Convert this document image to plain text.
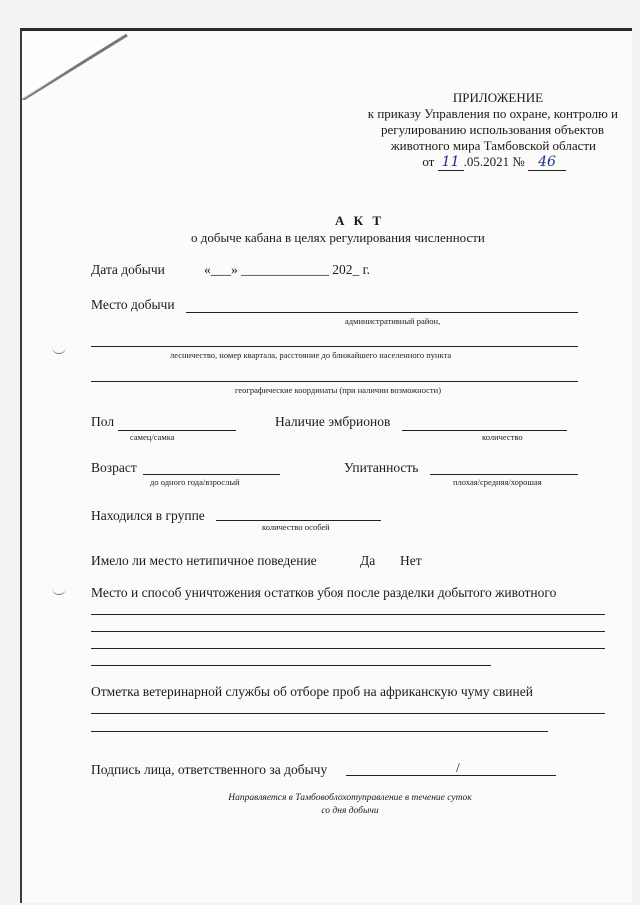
ПРИЛОЖЕНИЕ
к приказу Управления по охране, контролю и
регулированию использования объектов
животного мира Тамбовской области
от 11 .05.2021 № 46
А К Т
о добыче кабана в целях регулирования численности
Дата добычи	«___» _____________ 202_ г.
Место добычи
административный район,
лесничество, номер квартала, расстояние до ближайшего населенного пункта
географические координаты (при наличии возможности)
Пол
самец/самка
Наличие эмбрионов
количество
Возраст
до одного года/взрослый
Упитанность
плохая/средняя/хорошая
Находился в группе
количество особей
Имело ли место нетипичное поведение	Да Нет
Место и способ уничтожения остатков убоя после разделки добытого животного
Отметка ветеринарной службы об отборе проб на африканскую чуму свиней
Подпись лица, ответственного за добычу	/
Направляется в Тамбовоблохотуправление в течение суток
со дня добычи
